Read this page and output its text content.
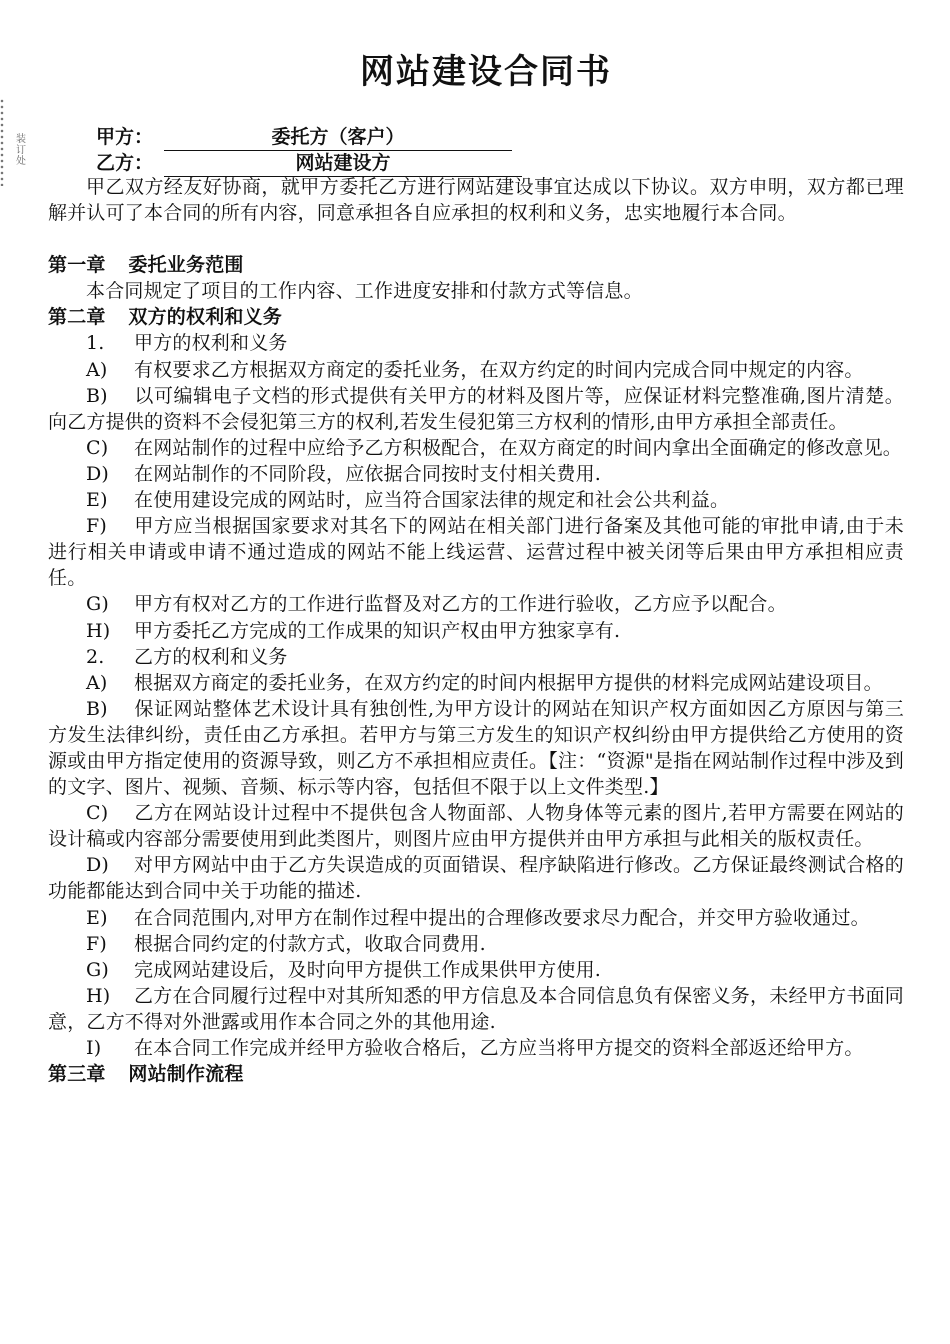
装订处
网站建设合同书
甲方：	委托方（客户）
乙方：	网站建设方

甲乙双方经友好协商，就甲方委托乙方进行网站建设事宜达成以下协议。双方申明，双方都已理解并认可了本合同的所有内容，同意承担各自应承担的权利和义务，忠实地履行本合同。

第一章 委托业务范围

本合同规定了项目的工作内容、工作进度安排和付款方式等信息。

第二章 双方的权利和义务

1. 甲方的权利和义务

A) 有权要求乙方根据双方商定的委托业务，在双方约定的时间内完成合同中规定的内容。

B) 以可编辑电子文档的形式提供有关甲方的材料及图片等，应保证材料完整准确,图片清楚。向乙方提供的资料不会侵犯第三方的权利,若发生侵犯第三方权利的情形,由甲方承担全部责任。

C) 在网站制作的过程中应给予乙方积极配合，在双方商定的时间内拿出全面确定的修改意见。

D) 在网站制作的不同阶段，应依据合同按时支付相关费用.

E) 在使用建设完成的网站时，应当符合国家法律的规定和社会公共利益。

F) 甲方应当根据国家要求对其名下的网站在相关部门进行备案及其他可能的审批申请,由于未进行相关申请或申请不通过造成的网站不能上线运营、运营过程中被关闭等后果由甲方承担相应责任。

G) 甲方有权对乙方的工作进行监督及对乙方的工作进行验收，乙方应予以配合。

H) 甲方委托乙方完成的工作成果的知识产权由甲方独家享有.

2. 乙方的权利和义务

A) 根据双方商定的委托业务，在双方约定的时间内根据甲方提供的材料完成网站建设项目。

B) 保证网站整体艺术设计具有独创性,为甲方设计的网站在知识产权方面如因乙方原因与第三方发生法律纠纷，责任由乙方承担。若甲方与第三方发生的知识产权纠纷由甲方提供给乙方使用的资源或由甲方指定使用的资源导致，则乙方不承担相应责任。【注：“资源"是指在网站制作过程中涉及到的文字、图片、视频、音频、标示等内容，包括但不限于以上文件类型.】

C) 乙方在网站设计过程中不提供包含人物面部、人物身体等元素的图片,若甲方需要在网站的设计稿或内容部分需要使用到此类图片，则图片应由甲方提供并由甲方承担与此相关的版权责任。

D) 对甲方网站中由于乙方失误造成的页面错误、程序缺陷进行修改。乙方保证最终测试合格的功能都能达到合同中关于功能的描述.

E) 在合同范围内,对甲方在制作过程中提出的合理修改要求尽力配合，并交甲方验收通过。

F) 根据合同约定的付款方式，收取合同费用.

G) 完成网站建设后，及时向甲方提供工作成果供甲方使用.

H) 乙方在合同履行过程中对其所知悉的甲方信息及本合同信息负有保密义务，未经甲方书面同意，乙方不得对外泄露或用作本合同之外的其他用途.

I) 在本合同工作完成并经甲方验收合格后，乙方应当将甲方提交的资料全部返还给甲方。

第三章 网站制作流程
